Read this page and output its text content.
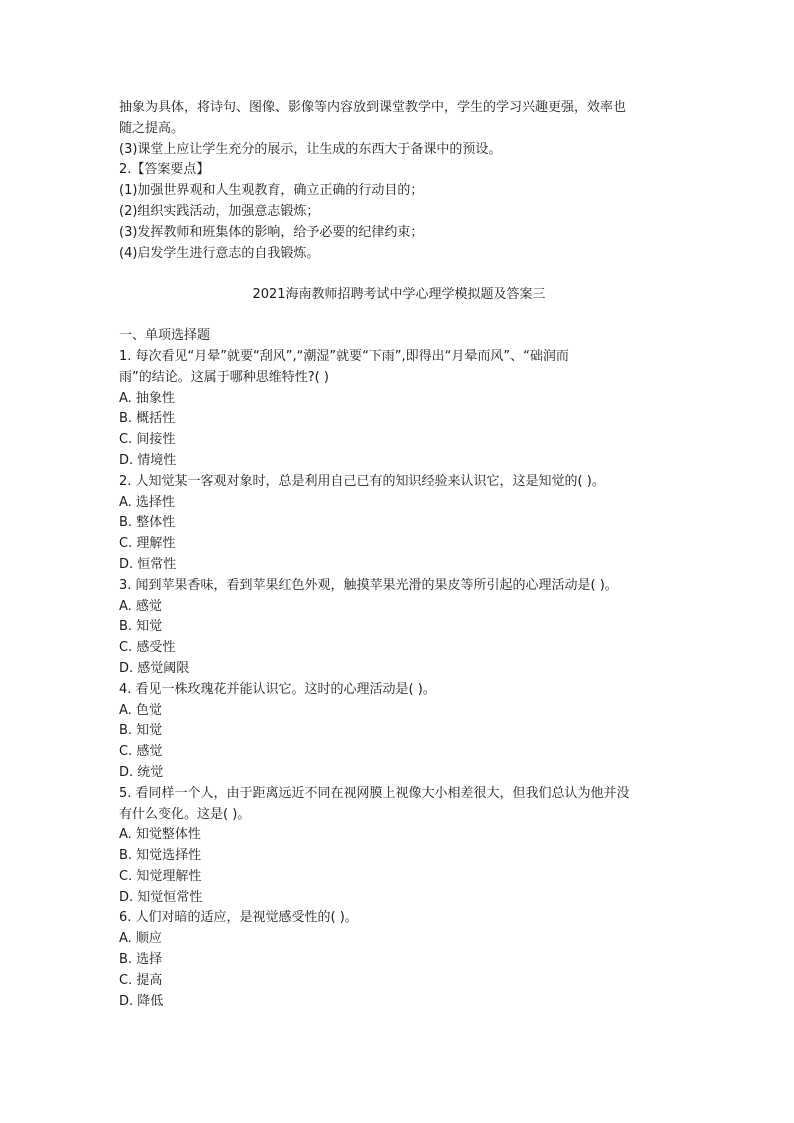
抽象为具体，将诗句、图像、影像等内容放到课堂教学中，学生的学习兴趣更强，效率也
随之提高。
(3)课堂上应让学生充分的展示，让生成的东西大于备课中的预设。
2.【答案要点】
(1)加强世界观和人生观教育，确立正确的行动目的；
(2)组织实践活动，加强意志锻炼；
(3)发挥教师和班集体的影响，给予必要的纪律约束；
(4)启发学生进行意志的自我锻炼。
2021海南教师招聘考试中学心理学模拟题及答案三
一、单项选择题
1. 每次看见“月晕”就要“刮风”,“潮湿”就要“下雨”,即得出“月晕而风”、“础润而
雨”的结论。这属于哪种思维特性?( )
A. 抽象性
B. 概括性
C. 间接性
D. 情境性
2. 人知觉某一客观对象时，总是利用自己已有的知识经验来认识它，这是知觉的( )。
A. 选择性
B. 整体性
C. 理解性
D. 恒常性
3. 闻到苹果香味，看到苹果红色外观，触摸苹果光滑的果皮等所引起的心理活动是( )。
A. 感觉
B. 知觉
C. 感受性
D. 感觉阈限
4. 看见一株玫瑰花并能认识它。这时的心理活动是( )。
A. 色觉
B. 知觉
C. 感觉
D. 统觉
5. 看同样一个人，由于距离远近不同在视网膜上视像大小相差很大，但我们总认为他并没
有什么变化。这是( )。
A. 知觉整体性
B. 知觉选择性
C. 知觉理解性
D. 知觉恒常性
6. 人们对暗的适应，是视觉感受性的( )。
A. 顺应
B. 选择
C. 提高
D. 降低
